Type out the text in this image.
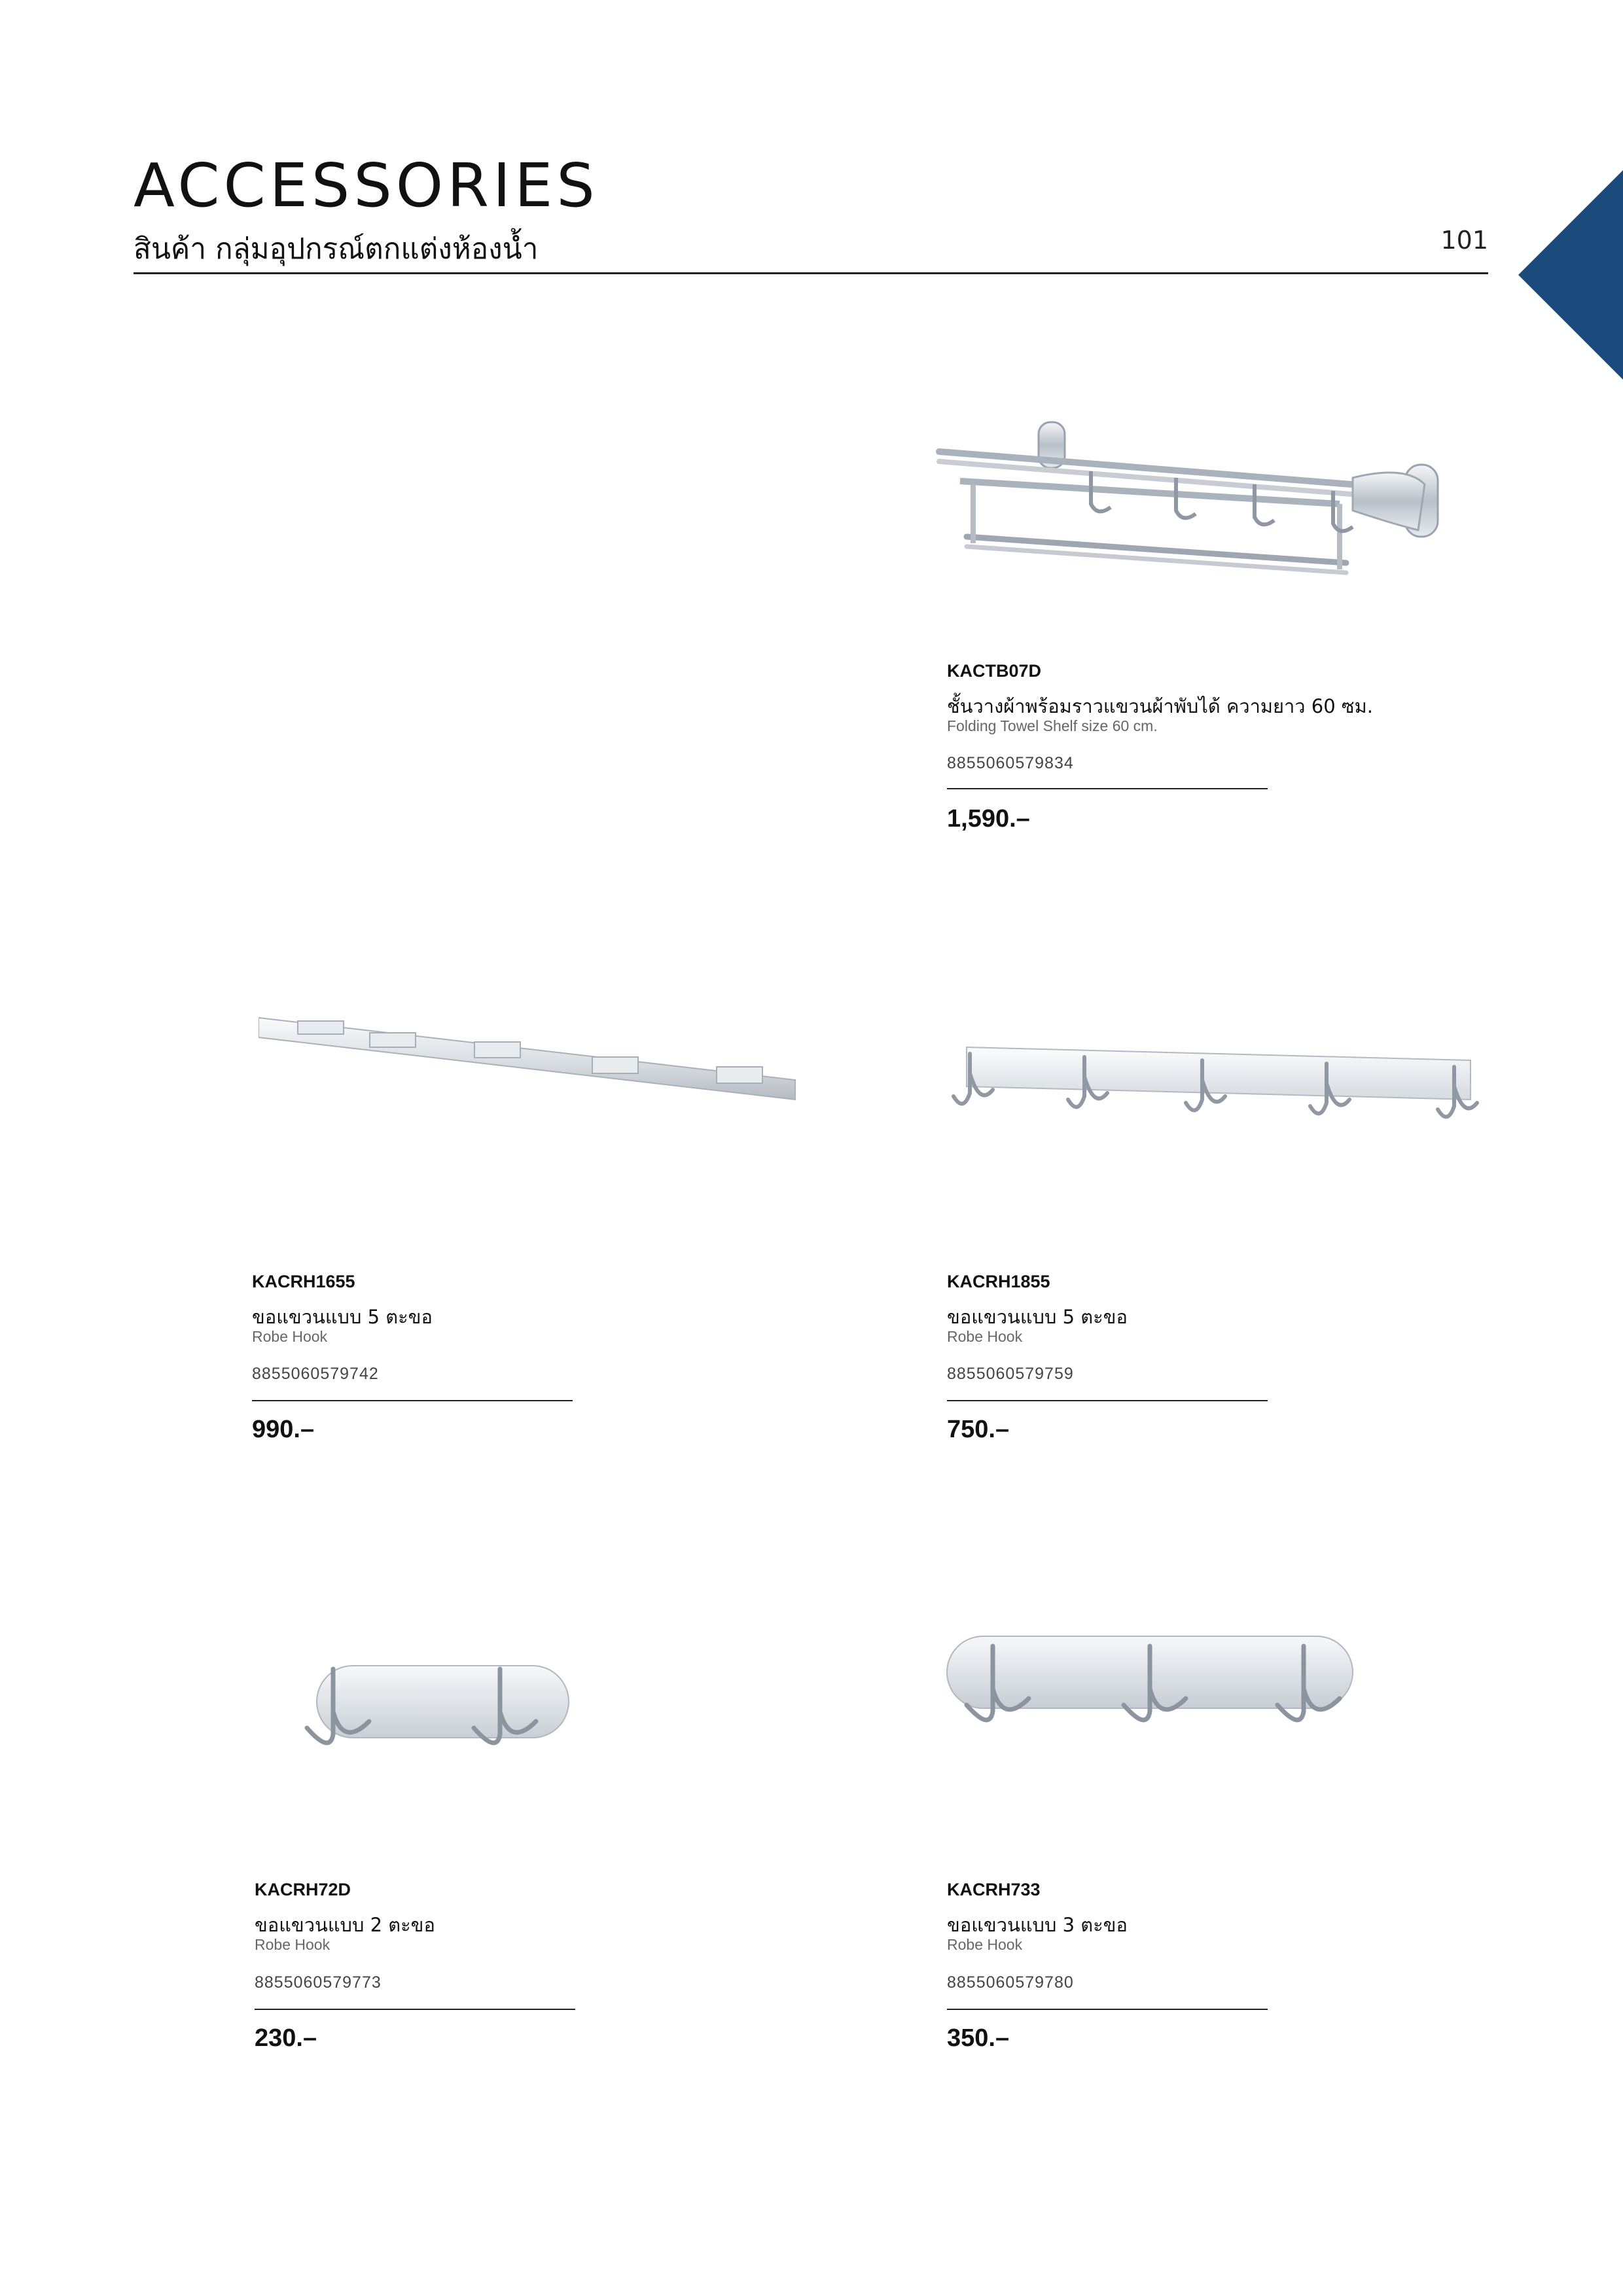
ACCESSORIES
สินค้า กลุ่มอุปกรณ์ตกแต่งห้องน้ำ	101
KACTB07D
ชั้นวางผ้าพร้อมราวแขวนผ้าพับได้ ความยาว 60 ซม.
Folding Towel Shelf size 60 cm.
8855060579834
1,590.–
KACRH1655
ขอแขวนแบบ 5 ตะขอ
Robe Hook
8855060579742
990.–
KACRH1855
ขอแขวนแบบ 5 ตะขอ
Robe Hook
8855060579759
750.–
KACRH72D
ขอแขวนแบบ 2 ตะขอ
Robe Hook
8855060579773
230.–
KACRH733
ขอแขวนแบบ 3 ตะขอ
Robe Hook
8855060579780
350.–
